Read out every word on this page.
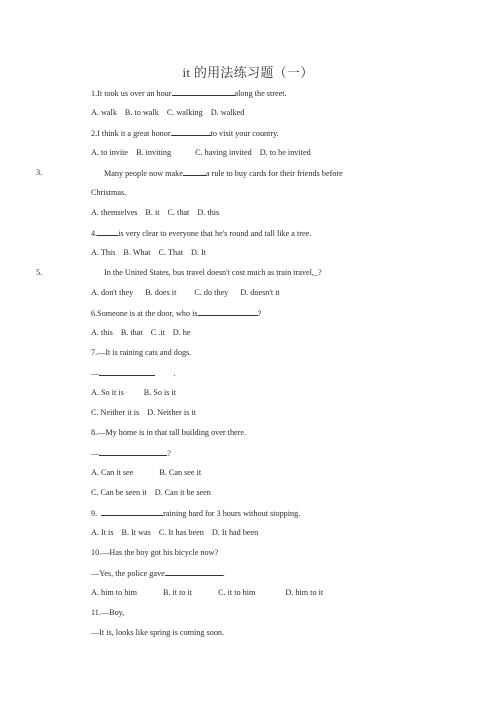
it 的用法练习题（一）
1.It took us over an hour	along the street.
A. walk B. to walk C. walking D. walked
2.I think it a great honor	to visit your country.
A. to invite B. inviting	C. having invited D. to be invited
3.	Many people now make	a rule to buy cards for their friends before
Christmas.
A. themselves B. it C. that D. this
4.	is very clear to everyone that he's round and tall like a tree.
A. This B. What C. That D. It
5.	In the United States, bus travel doesn't cost much as train travel,_?
A. don't they B. does it C. do they D. doesn't it
6.Someone is at the door, who is	?
A. this B. that C .it D. he
7.—It is raining cats and dogs.
—	.
A. So it is B. So is it
C. Neither it is D. Neither is it
8.—My home is in that tall building over there.
—	?
A. Can it see	B. Can see it
C. Can be seen it D. Can it be seen
9.	raining hard for 3 hours without stopping.
A. It is B. It was C. It has been D. It had been
10.—Has the boy got his bicycle now?
—Yes, the police gave	.
A. him to him	B. it to it	C. it to him	D. him to it
11.—Boy,
—It is, looks like spring is coming soon.
